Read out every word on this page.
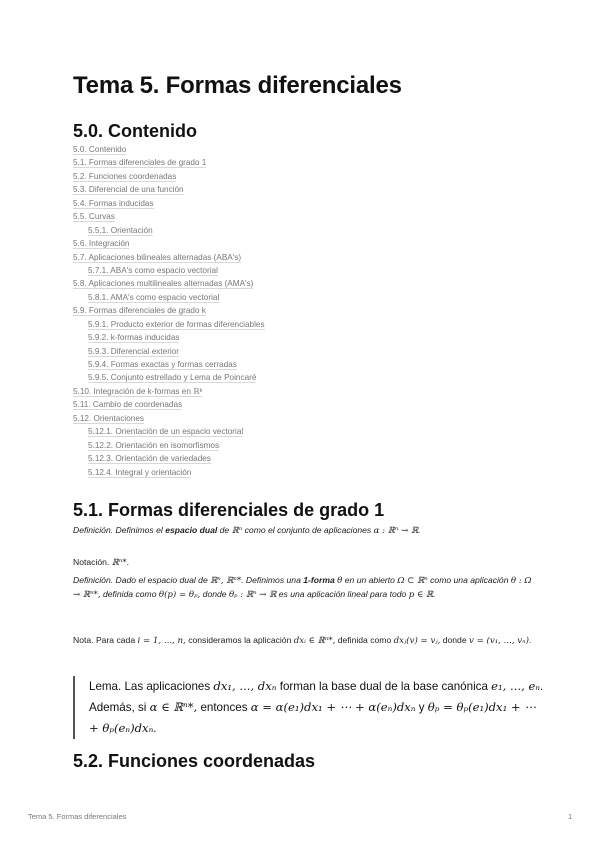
Tema 5. Formas diferenciales
5.0. Contenido
5.0. Contenido
5.1. Formas diferenciales de grado 1
5.2. Funciones coordenadas
5.3. Diferencial de una función
5.4. Formas inducidas
5.5. Curvas
5.5.1. Orientación
5.6. Integración
5.7. Aplicaciones bilineales alternadas (ABA's)
5.7.1. ABA's como espacio vectorial
5.8. Aplicaciones multilineales alternadas (AMA's)
5.8.1. AMA's como espacio vectorial
5.9. Formas diferenciales de grado k
5.9.1. Producto exterior de formas diferenciables
5.9.2. k-formas inducidas
5.9.3. Diferencial exterior
5.9.4. Formas exactas y formas cerradas
5.9.5. Conjunto estrellado y Lema de Poincaré
5.10. Integración de k-formas en ℝᵏ
5.11. Cambio de coordenadas
5.12. Orientaciones
5.12.1. Orientación de un espacio vectorial
5.12.2. Orientación en isomorfismos
5.12.3. Orientación de variedades
5.12.4. Integral y orientación
5.1. Formas diferenciales de grado 1

Definición. Definimos el espacio dual de ℝⁿ como el conjunto de aplicaciones α : ℝⁿ → ℝ.

Notación. ℝⁿ*.

Definición. Dado el espacio dual de ℝⁿ, ℝⁿ*. Definimos una 1-forma θ en un abierto Ω ⊂ ℝⁿ como una aplicación θ : Ω → ℝⁿ*, definida como θ(p) = θₚ, donde θₚ : ℝⁿ → ℝ es una aplicación lineal para todo p ∈ ℝ.

Nota. Para cada i = 1, ..., n, consideramos la aplicación dxᵢ ∈ ℝⁿ*, definida como dxⱼ(v) = vⱼ, donde v = (v₁, ..., vₙ).

Lema. Las aplicaciones dx₁, ..., dxₙ forman la base dual de la base canónica e₁, ..., eₙ. Además, si α ∈ ℝⁿ*, entonces α = α(e₁)dx₁ + ⋯ + α(eₙ)dxₙ y θₚ = θₚ(e₁)dx₁ + ⋯ + θₚ(eₙ)dxₙ.
5.2. Funciones coordenadas
Tema 5. Formas diferenciales	1
